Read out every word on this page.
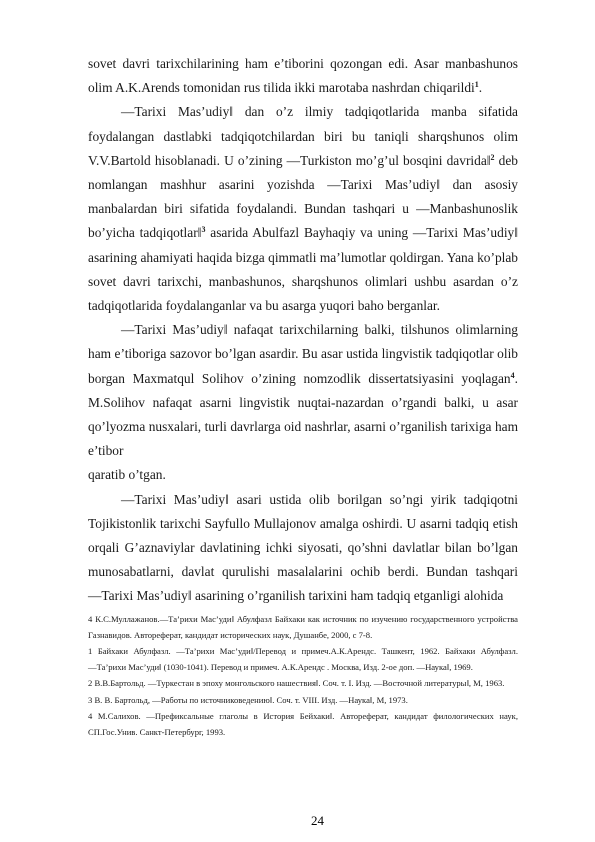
sovet davri tarixchilarining ham e’tiborini qozongan edi. Asar manbashunos olim A.K.Arends tomonidan rus tilida ikki marotaba nashrdan chiqarildi$^1$.

―Tarixi Mas’udiy‖ dan o’z ilmiy tadqiqotlarida manba sifatida foydalangan dastlabki tadqiqotchilardan biri bu taniqli sharqshunos olim V.V.Bartold hisoblanadi. U o’zining ―Turkiston mo’g’ul bosqini davrida‖$^2$ deb nomlangan mashhur asarini yozishda ―Tarixi Mas’udiy‖ dan asosiy manbalardan biri sifatida foydalandi. Bundan tashqari u ―Manbashunoslik bo’yicha tadqiqotlar‖$^3$ asarida Abulfazl Bayhaqiy va uning ―Tarixi Mas’udiy‖ asarining ahamiyati haqida bizga qimmatli ma’lumotlar qoldirgan. Yana ko’plab sovet davri tarixchi, manbashunos, sharqshunos olimlari ushbu asardan o’z tadqiqotlarida foydalanganlar va bu asarga yuqori baho berganlar.

―Tarixi Mas’udiy‖ nafaqat tarixchilarning balki, tilshunos olimlarning ham e’tiboriga sazovor bo’lgan asardir. Bu asar ustida lingvistik tadqiqotlar olib borgan Maxmatqul Solihov o’zining nomzodlik dissertatsiyasini yoqlagan$^4$. M.Solihov nafaqat asarni lingvistik nuqtai-nazardan o’rgandi balki, u asar qo’lyozma nusxalari, turli davrlarga oid nashrlar, asarni o’rganilish tarixiga ham e’tibor

qaratib o’tgan.

―Tarixi Mas’udiy‖ asari ustida olib borilgan so’ngi yirik tadqiqotni Tojikistonlik tarixchi Sayfullo Mullajonov amalga oshirdi. U asarni tadqiq etish orqali G’aznaviylar davlatining ichki siyosati, qo’shni davlatlar bilan bo’lgan munosabatlarni, davlat qurulishi masalalarini ochib berdi. Bundan tashqari ―Tarixi Mas’udiy‖ asarining o’rganilish tarixini ham tadqiq etganligi alohida

4 К.С.Муллажанов.―Та’рихи Мас’уди‖ Абулфазл Байхаки как источник по изучению государственного устройства Газнавидов. Автореферат, кандидат исторических наук, Душанбе, 2000, с 7-8.

1 Байхаки Абулфазл. ―Та’рихи Мас’уди‖/Перевод и примеч.А.К.Арендс. Ташкент, 1962. Байхаки Абулфазл. ―Та’рихи Мас’уди‖ (1030-1041). Перевод и примеч. А.К.Арендс . Москва, Изд. 2-ое доп. ―Наука‖, 1969.

2 В.В.Бартольд. ―Туркестан в эпоху монгольского нашествия‖. Соч. т. I. Изд. ―Восточной литературы‖, М, 1963.

3 В. В. Бартольд, ―Работы по источниковедению‖. Соч. т. VIII. Изд. ―Наука‖, М, 1973.

4 М.Салихов. ―Префиксальные глаголы в История Бейхаки‖. Автореферат, кандидат филологических наук, СП.Гос.Унив. Санкт-Петербург, 1993.

24
